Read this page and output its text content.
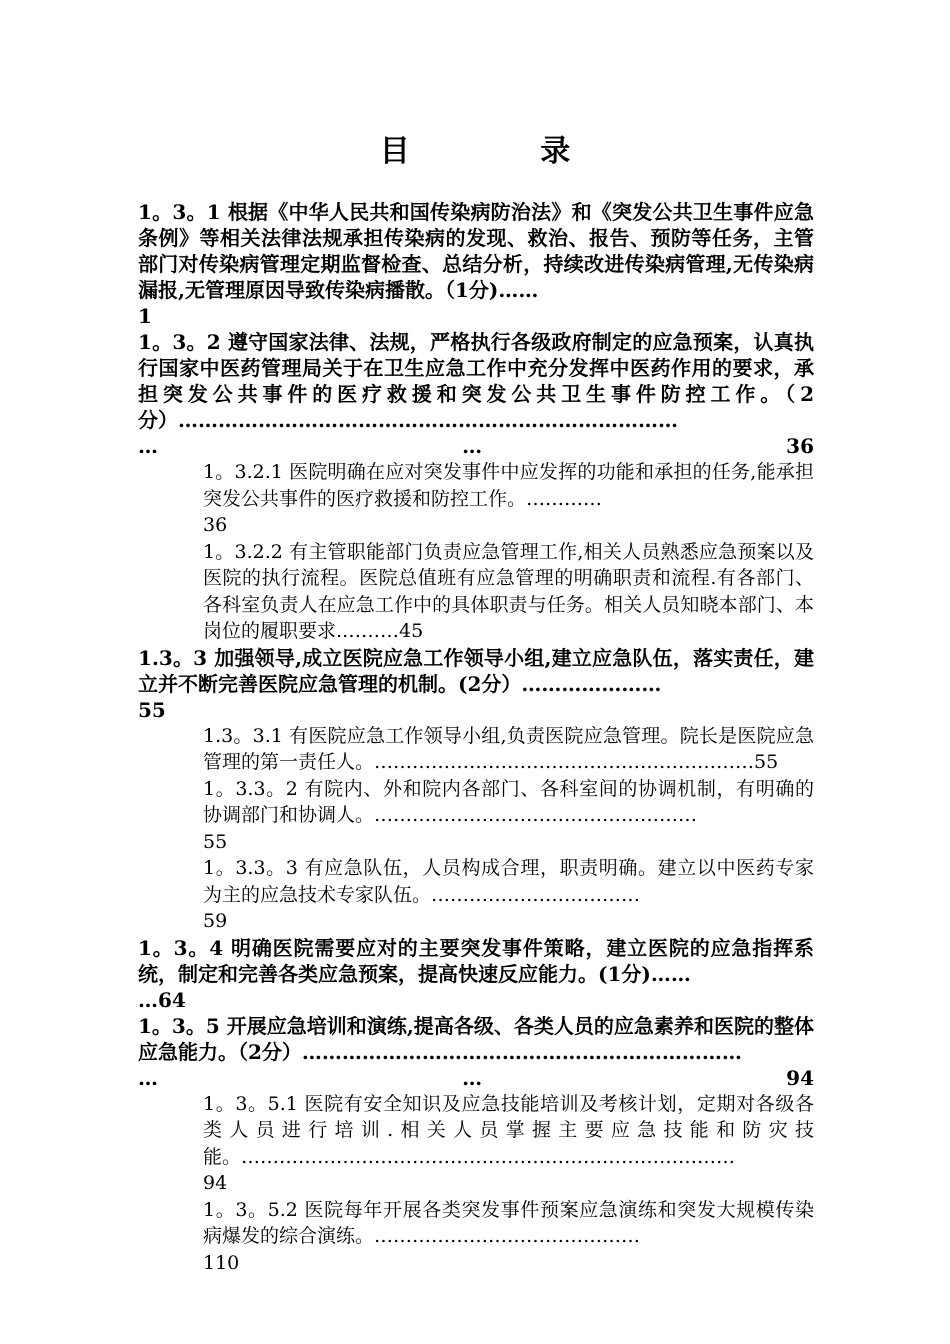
目 录

1。3。1 根据《中华人民共和国传染病防治法》和《突发公共卫生事件应急条例》等相关法律法规承担传染病的发现、救治、报告、预防等任务，主管部门对传染病管理定期监督检查、总结分析，持续改进传染病管理,无传染病漏报,无管理原因导致传染病播散。（1分)……
1

1。3。2 遵守国家法律、法规，严格执行各级政府制定的应急预案，认真执行国家中医药管理局关于在卫生应急工作中充分发挥中医药作用的要求，承担突发公共事件的医疗救援和突发公共卫生事件防控工作。（2分）…………………………………………………………………
… … 36

1。3.2.1 医院明确在应对突发事件中应发挥的功能和承担的任务,能承担突发公共事件的医疗救援和防控工作。…………
36

1。3.2.2 有主管职能部门负责应急管理工作,相关人员熟悉应急预案以及医院的执行流程。医院总值班有应急管理的明确职责和流程.有各部门、各科室负责人在应急工作中的具体职责与任务。相关人员知晓本部门、本岗位的履职要求.………45

1.3。3 加强领导,成立医院应急工作领导小组,建立应急队伍，落实责任，建立并不断完善医院应急管理的机制。(2分）…………………
55

1.3。3.1 有医院应急工作领导小组,负责医院应急管理。院长是医院应急管理的第一责任人。……………………………………………………55

1。3.3。2 有院内、外和院内各部门、各科室间的协调机制，有明确的协调部门和协调人。……………………………………………
55

1。3.3。3 有应急队伍，人员构成合理，职责明确。建立以中医药专家为主的应急技术专家队伍。……………………………
59

1。3。4 明确医院需要应对的主要突发事件策略，建立医院的应急指挥系统，制定和完善各类应急预案，提高快速反应能力。(1分)……
…64

1。3。5 开展应急培训和演练,提高各级、各类人员的应急素养和医院的整体应急能力。（2分）…………………………………………………………
… … 94

1。3。5.1 医院有安全知识及应急技能培训及考核计划，定期对各级各类人员进行培训.相关人员掌握主要应急技能和防灾技能。……………………………………………………………………
94

1。3。5.2 医院每年开展各类突发事件预案应急演练和突发大规模传染病爆发的综合演练。……………………………………
110
